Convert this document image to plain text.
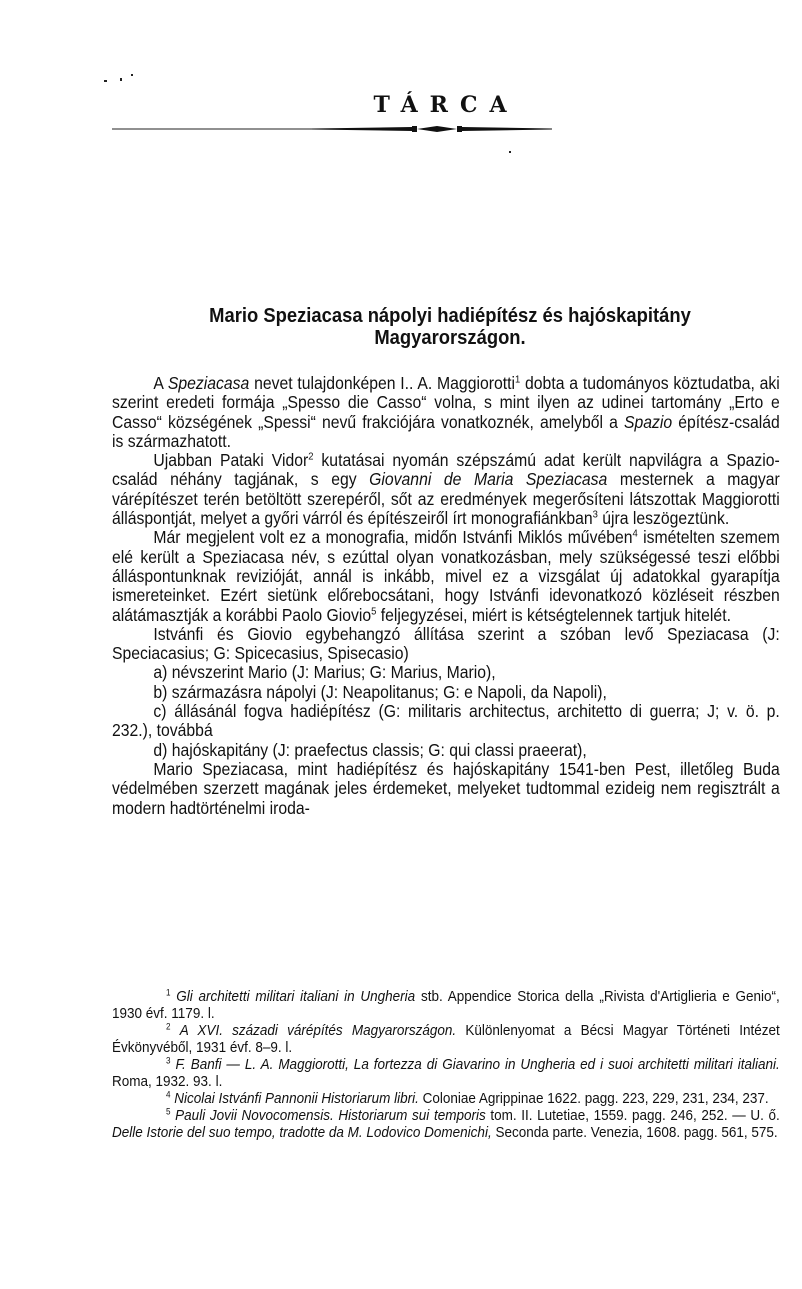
TÁRCA
Mario Speziacasa nápolyi hadiépítész és hajóskapitány
Magyarországon.

A Speziacasa nevet tulajdonképen I.. A. Maggiorotti$^1$ dobta a tudományos köztudatba, aki szerint eredeti formája „Spesso die Casso“ volna, s mint ilyen az udinei tartomány „Erto e Casso“ községének „Spessi“ nevű frakciójára vonatkoznék, amelyből a Spazio építész-család is származhatott.

Ujabban Pataki Vidor$^2$ kutatásai nyomán szépszámú adat került napvilágra a Spazio-család néhány tagjának, s egy Giovanni de Maria Speziacasa mesternek a magyar várépítészet terén betöltött szerepéről, sőt az eredmények megerősíteni látszottak Maggiorotti álláspontját, melyet a győri várról és építészeiről írt monografiánkban$^3$ újra leszögeztünk.

Már megjelent volt ez a monografia, midőn Istvánfi Miklós művében$^4$ ismételten szemem elé került a Speziacasa név, s ezúttal olyan vonatkozásban, mely szükségessé teszi előbbi álláspontunknak revizióját, annál is inkább, mivel ez a vizsgálat új adatokkal gyarapítja ismereteinket. Ezért sietünk előrebocsátani, hogy Istvánfi idevonatkozó közléseit részben alátámasztják a korábbi Paolo Giovio$^5$ feljegyzései, miért is kétségtelennek tartjuk hitelét.

Istvánfi és Giovio egybehangzó állítása szerint a szóban levő Speziacasa (J: Speciacasius; G: Spicecasius, Spisecasio)

a) névszerint Mario (J: Marius; G: Marius, Mario),

b) származásra nápolyi (J: Neapolitanus; G: e Napoli, da Napoli),

c) állásánál fogva hadiépítész (G: militaris architectus, architetto di guerra; J; v. ö. p. 232.), továbbá

d) hajóskapitány (J: praefectus classis; G: qui classi praeerat),

Mario Speziacasa, mint hadiépítész és hajóskapitány 1541-ben Pest, illetőleg Buda védelmében szerzett magának jeles érdemeket, melyeket tudtommal ezideig nem regisztrált a modern hadtörténelmi iroda-

$^1$ Gli architetti militari italiani in Ungheria stb. Appendice Storica della „Rivista d'Artiglieria e Genio“, 1930 évf. 1179. l.

$^2$ A XVI. századi várépítés Magyarországon. Különlenyomat a Bécsi Magyar Történeti Intézet Évkönyvéből, 1931 évf. 8–9. l.

$^3$ F. Banfi — L. A. Maggiorotti, La fortezza di Giavarino in Ungheria ed i suoi architetti militari italiani. Roma, 1932. 93. l.

$^4$ Nicolai Istvánfi Pannonii Historiarum libri. Coloniae Agrippinae 1622. pagg. 223, 229, 231, 234, 237.

$^5$ Pauli Jovii Novocomensis. Historiarum sui temporis tom. II. Lutetiae, 1559. pagg. 246, 252. — U. ő. Delle Istorie del suo tempo, tradotte da M. Lodovico Domenichi, Seconda parte. Venezia, 1608. pagg. 561, 575.
